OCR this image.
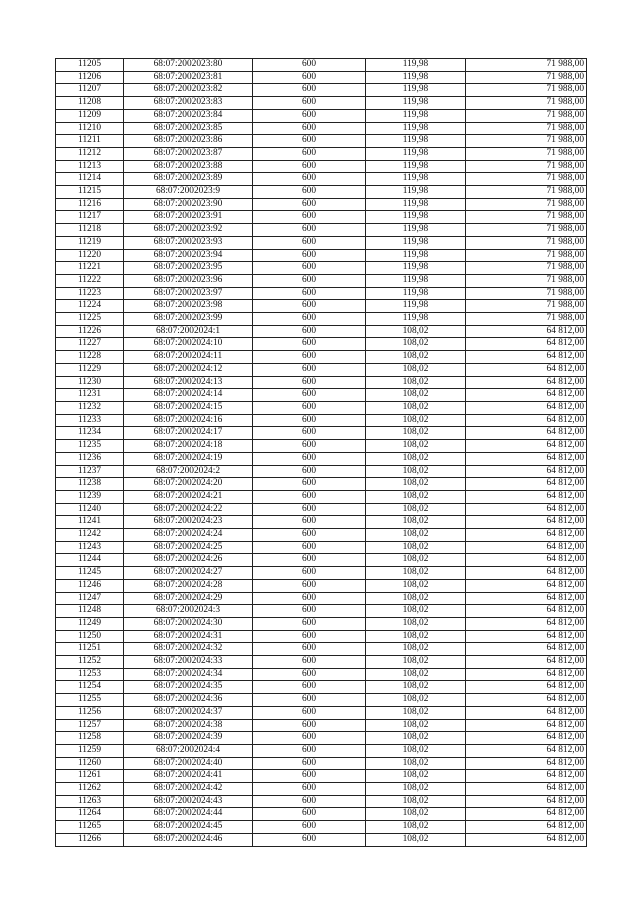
11205	68:07:2002023:80	600	119,98	71 988,00
11206	68:07:2002023:81	600	119,98	71 988,00
11207	68:07:2002023:82	600	119,98	71 988,00
11208	68:07:2002023:83	600	119,98	71 988,00
11209	68:07:2002023:84	600	119,98	71 988,00
11210	68:07:2002023:85	600	119,98	71 988,00
11211	68:07:2002023:86	600	119,98	71 988,00
11212	68:07:2002023:87	600	119,98	71 988,00
11213	68:07:2002023:88	600	119,98	71 988,00
11214	68:07:2002023:89	600	119,98	71 988,00
11215	68:07:2002023:9	600	119,98	71 988,00
11216	68:07:2002023:90	600	119,98	71 988,00
11217	68:07:2002023:91	600	119,98	71 988,00
11218	68:07:2002023:92	600	119,98	71 988,00
11219	68:07:2002023:93	600	119,98	71 988,00
11220	68:07:2002023:94	600	119,98	71 988,00
11221	68:07:2002023:95	600	119,98	71 988,00
11222	68:07:2002023:96	600	119,98	71 988,00
11223	68:07:2002023:97	600	119,98	71 988,00
11224	68:07:2002023:98	600	119,98	71 988,00
11225	68:07:2002023:99	600	119,98	71 988,00
11226	68:07:2002024:1	600	108,02	64 812,00
11227	68:07:2002024:10	600	108,02	64 812,00
11228	68:07:2002024:11	600	108,02	64 812,00
11229	68:07:2002024:12	600	108,02	64 812,00
11230	68:07:2002024:13	600	108,02	64 812,00
11231	68:07:2002024:14	600	108,02	64 812,00
11232	68:07:2002024:15	600	108,02	64 812,00
11233	68:07:2002024:16	600	108,02	64 812,00
11234	68:07:2002024:17	600	108,02	64 812,00
11235	68:07:2002024:18	600	108,02	64 812,00
11236	68:07:2002024:19	600	108,02	64 812,00
11237	68:07:2002024:2	600	108,02	64 812,00
11238	68:07:2002024:20	600	108,02	64 812,00
11239	68:07:2002024:21	600	108,02	64 812,00
11240	68:07:2002024:22	600	108,02	64 812,00
11241	68:07:2002024:23	600	108,02	64 812,00
11242	68:07:2002024:24	600	108,02	64 812,00
11243	68:07:2002024:25	600	108,02	64 812,00
11244	68:07:2002024:26	600	108,02	64 812,00
11245	68:07:2002024:27	600	108,02	64 812,00
11246	68:07:2002024:28	600	108,02	64 812,00
11247	68:07:2002024:29	600	108,02	64 812,00
11248	68:07:2002024:3	600	108,02	64 812,00
11249	68:07:2002024:30	600	108,02	64 812,00
11250	68:07:2002024:31	600	108,02	64 812,00
11251	68:07:2002024:32	600	108,02	64 812,00
11252	68:07:2002024:33	600	108,02	64 812,00
11253	68:07:2002024:34	600	108,02	64 812,00
11254	68:07:2002024:35	600	108,02	64 812,00
11255	68:07:2002024:36	600	108,02	64 812,00
11256	68:07:2002024:37	600	108,02	64 812,00
11257	68:07:2002024:38	600	108,02	64 812,00
11258	68:07:2002024:39	600	108,02	64 812,00
11259	68:07:2002024:4	600	108,02	64 812,00
11260	68:07:2002024:40	600	108,02	64 812,00
11261	68:07:2002024:41	600	108,02	64 812,00
11262	68:07:2002024:42	600	108,02	64 812,00
11263	68:07:2002024:43	600	108,02	64 812,00
11264	68:07:2002024:44	600	108,02	64 812,00
11265	68:07:2002024:45	600	108,02	64 812,00
11266	68:07:2002024:46	600	108,02	64 812,00
